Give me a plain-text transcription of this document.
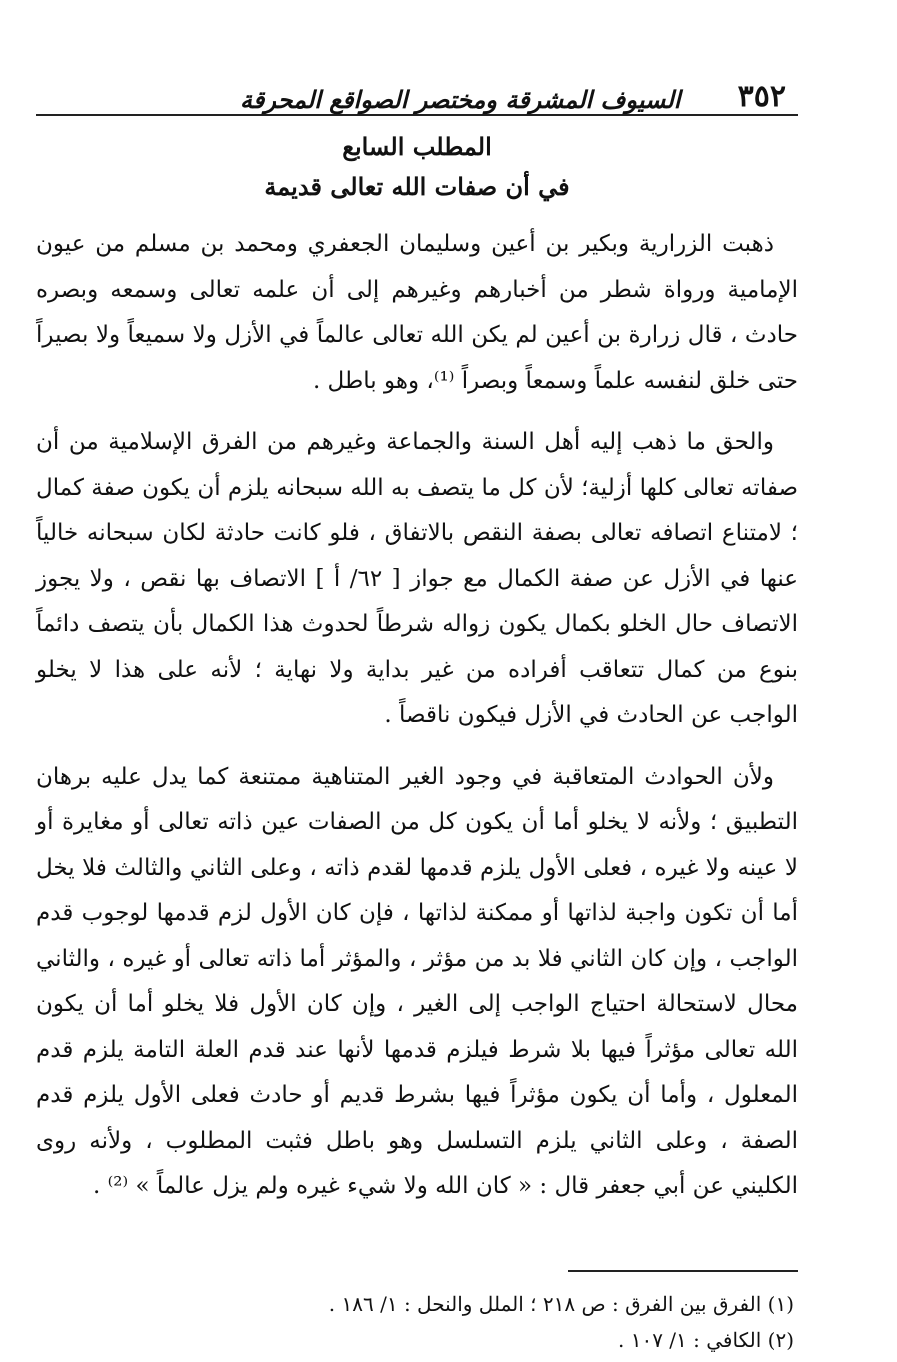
٣٥٢
السيوف المشرقة ومختصر الصواقع المحرقة
المطلب السابع
في أن صفات الله تعالى قديمة

ذهبت الزرارية وبكير بن أعين وسليمان الجعفري ومحمد بن مسلم من عيون الإمامية ورواة شطر من أخبارهم وغيرهم إلى أن علمه تعالى وسمعه وبصره حادث ، قال زرارة بن أعين لم يكن الله تعالى عالماً في الأزل ولا سميعاً ولا بصيراً حتى خلق لنفسه علماً وسمعاً وبصراً ⁽¹⁾، وهو باطل .

والحق ما ذهب إليه أهل السنة والجماعة وغيرهم من الفرق الإسلامية من أن صفاته تعالى كلها أزلية؛ لأن كل ما يتصف به الله سبحانه يلزم أن يكون صفة كمال ؛ لامتناع اتصافه تعالى بصفة النقص بالاتفاق ، فلو كانت حادثة لكان سبحانه خالياً عنها في الأزل عن صفة الكمال مع جواز [ ٦٢/ أ ] الاتصاف بها نقص ، ولا يجوز الاتصاف حال الخلو بكمال يكون زواله شرطاً لحدوث هذا الكمال بأن يتصف دائماً بنوع من كمال تتعاقب أفراده من غير بداية ولا نهاية ؛ لأنه على هذا لا يخلو الواجب عن الحادث في الأزل فيكون ناقصاً .

ولأن الحوادث المتعاقبة في وجود الغير المتناهية ممتنعة كما يدل عليه برهان التطبيق ؛ ولأنه لا يخلو أما أن يكون كل من الصفات عين ذاته تعالى أو مغايرة أو لا عينه ولا غيره ، فعلى الأول يلزم قدمها لقدم ذاته ، وعلى الثاني والثالث فلا يخل أما أن تكون واجبة لذاتها أو ممكنة لذاتها ، فإن كان الأول لزم قدمها لوجوب قدم الواجب ، وإن كان الثاني فلا بد من مؤثر ، والمؤثر أما ذاته تعالى أو غيره ، والثاني محال لاستحالة احتياج الواجب إلى الغير ، وإن كان الأول فلا يخلو أما أن يكون الله تعالى مؤثراً فيها بلا شرط فيلزم قدمها لأنها عند قدم العلة التامة يلزم قدم المعلول ، وأما أن يكون مؤثراً فيها بشرط قديم أو حادث فعلى الأول يلزم قدم الصفة ، وعلى الثاني يلزم التسلسل وهو باطل فثبت المطلوب ، ولأنه روى الكليني عن أبي جعفر قال : « كان الله ولا شيء غيره ولم يزل عالماً » ⁽²⁾ .

(١) الفرق بين الفرق : ص ٢١٨ ؛ الملل والنحل : ١/ ١٨٦ .
(٢) الكافي : ١/ ١٠٧ .
